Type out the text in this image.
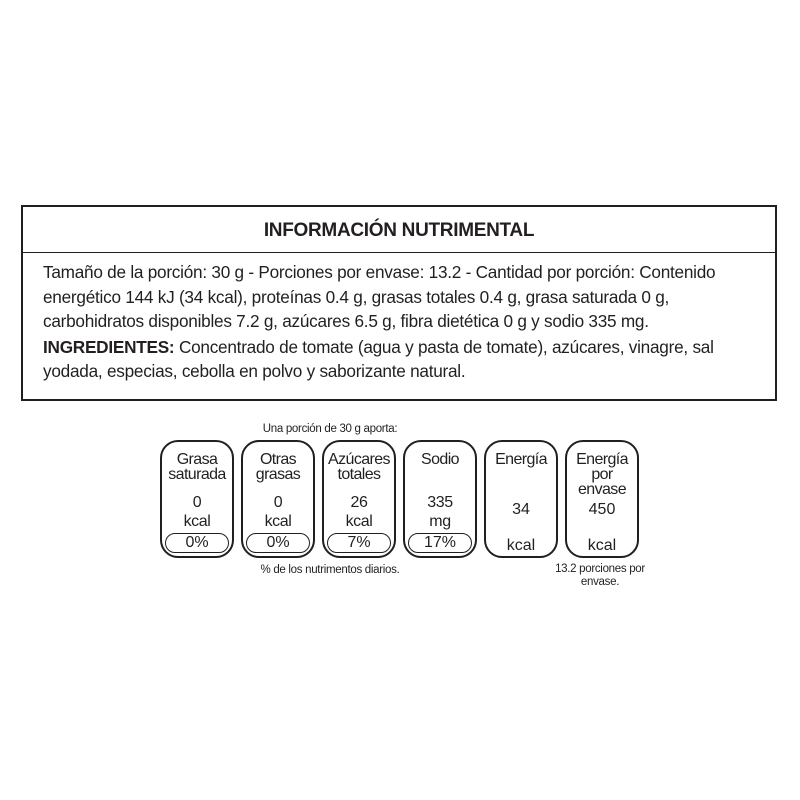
INFORMACIÓN NUTRIMENTAL

Tamaño de la porción: 30 g - Porciones por envase: 13.2 - Cantidad por porción: Contenido energético 144 kJ (34 kcal), proteínas 0.4 g, grasas totales 0.4 g, grasa saturada 0 g, carbohidratos disponibles 7.2 g, azúcares 6.5 g, fibra dietética 0 g y sodio 335 mg.

INGREDIENTES: Concentrado de tomate (agua y pasta de tomate), azúcares, vinagre, sal yodada, especias, cebolla en polvo y saborizante natural.

Una porción de 30 g aporta:
Grasa saturada
0
kcal
0%
Otras grasas
0
kcal
0%
Azúcares totales
26
kcal
7%
Sodio
335
mg
17%
Energía
34
kcal
Energía por envase
450
kcal
% de los nutrimentos diarios.	13.2 porciones por envase.
